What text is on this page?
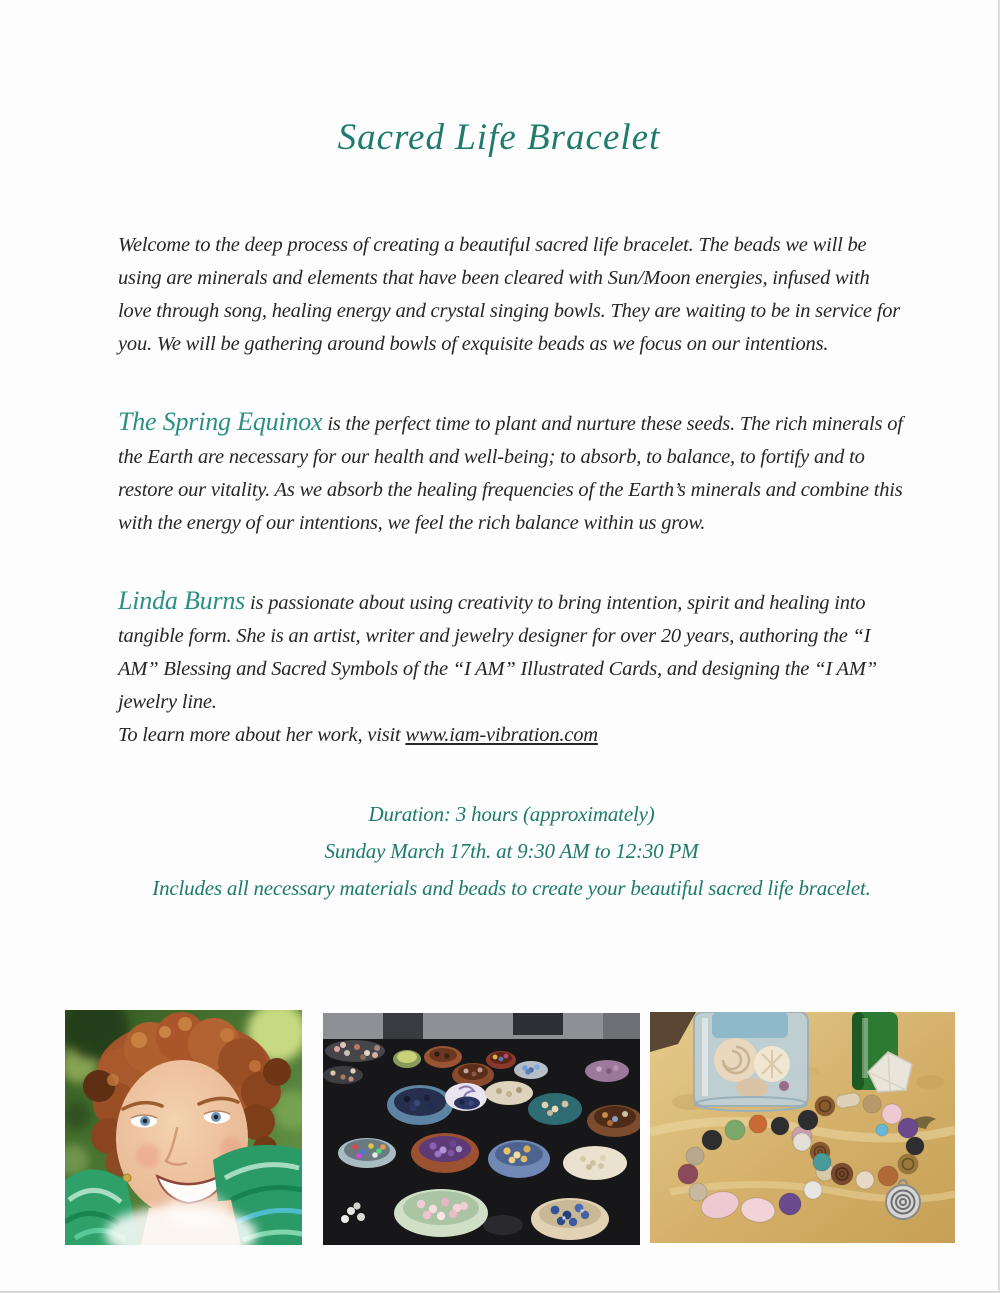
Sacred Life Bracelet

Welcome to the deep process of creating a beautiful sacred life bracelet. The beads we will be using are minerals and elements that have been cleared with Sun/Moon energies, infused with love through song, healing energy and crystal singing bowls. They are waiting to be in service for you. We will be gathering around bowls of exquisite beads as we focus on our intentions.

The Spring Equinox is the perfect time to plant and nurture these seeds. The rich minerals of the Earth are necessary for our health and well-being; to absorb, to balance, to fortify and to restore our vitality. As we absorb the healing frequencies of the Earth’s minerals and combine this with the energy of our intentions, we feel the rich balance within us grow.

Linda Burns is passionate about using creativity to bring intention, spirit and healing into tangible form. She is an artist, writer and jewelry designer for over 20 years, authoring the “I AM” Blessing and Sacred Symbols of the “I AM” Illustrated Cards, and designing the “I AM” jewelry line.
To learn more about her work, visit www.iam-vibration.com

Duration: 3 hours (approximately)
Sunday March 17th. at 9:30 AM to 12:30 PM
Includes all necessary materials and beads to create your beautiful sacred life bracelet.
